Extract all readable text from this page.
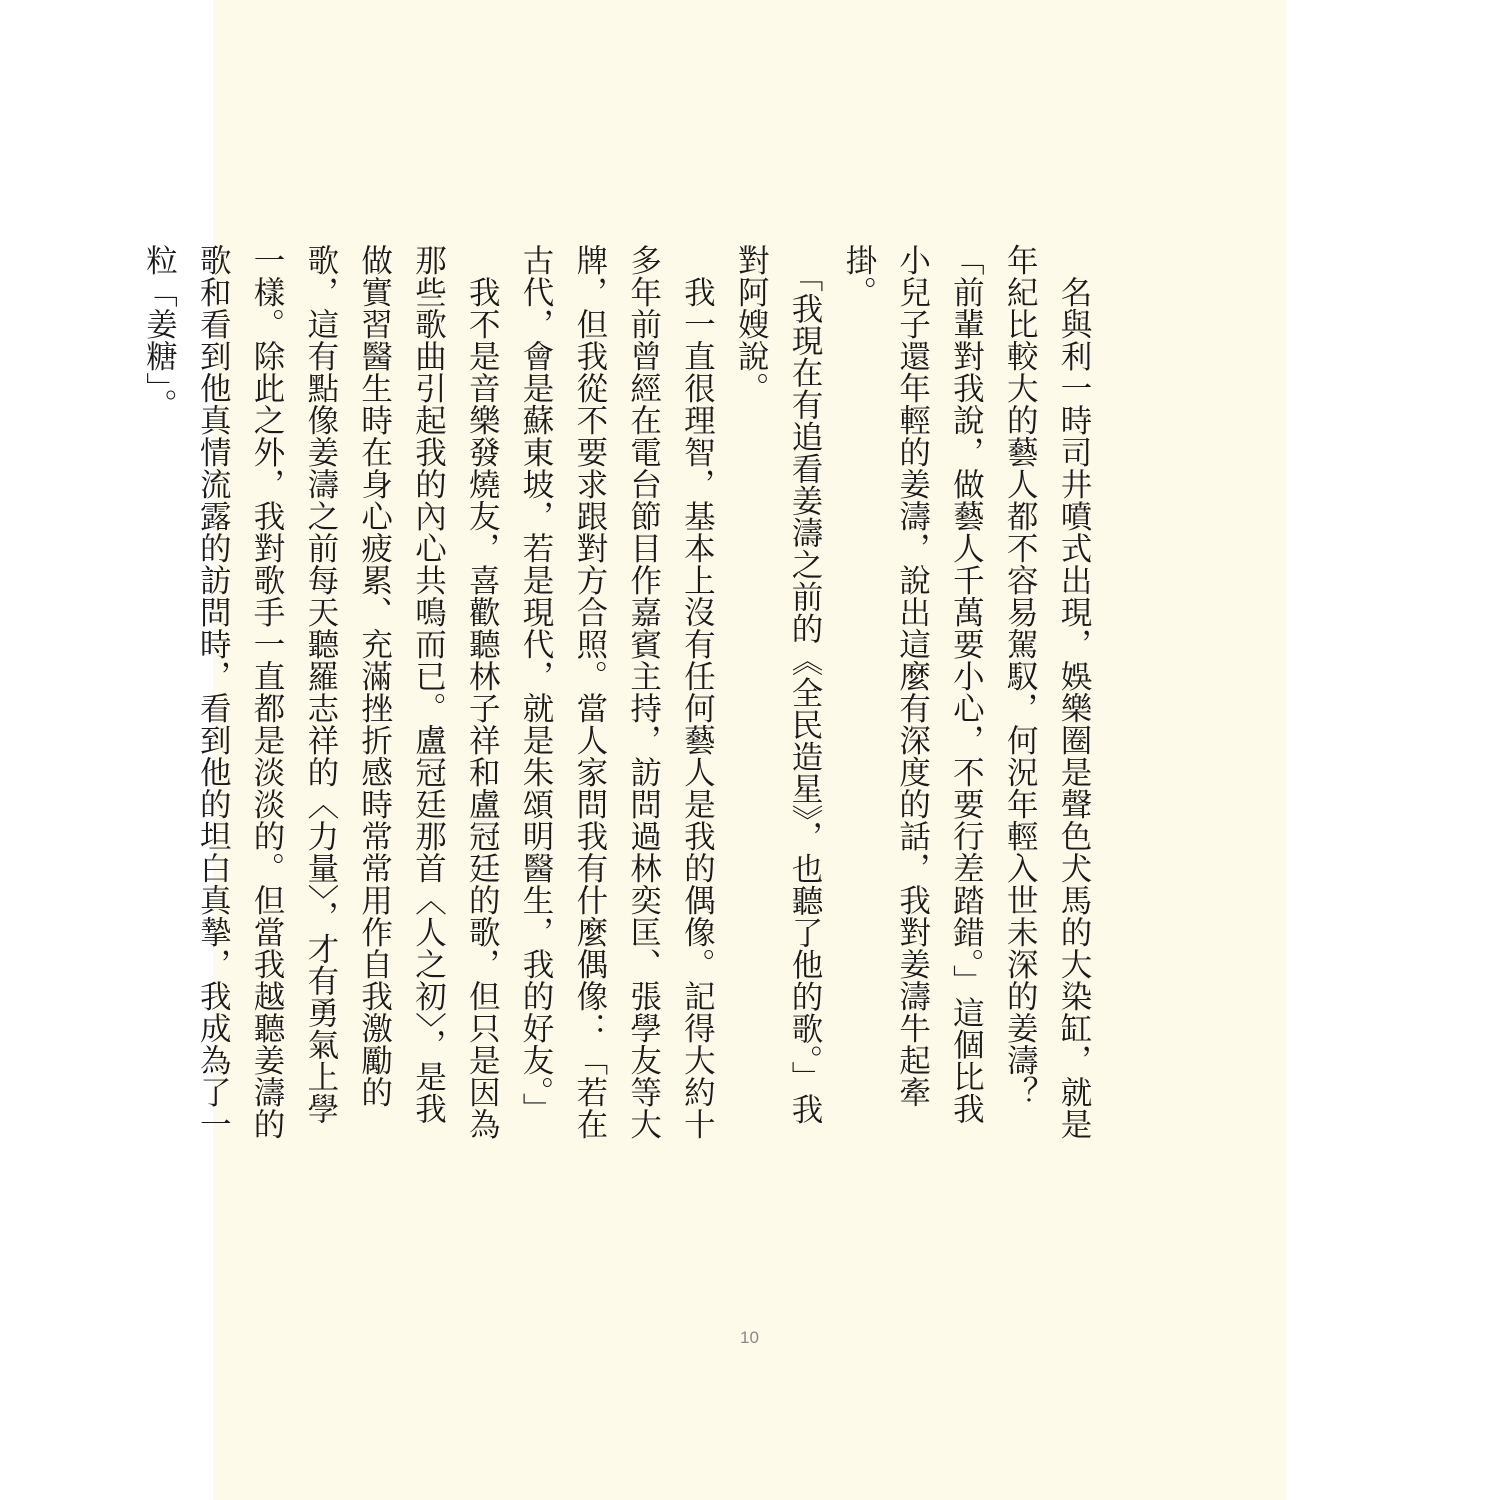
　名與利一時司井噴式出現，娛樂圈是聲色犬馬的大染缸，就是年紀比較大的藝人都不容易駕馭，何況年輕入世未深的姜濤？「前輩對我說，做藝人千萬要小心，不要行差踏錯。」這個比我小兒子還年輕的姜濤，說出這麼有深度的話，我對姜濤牛起牽掛。

　「我現在有追看姜濤之前的《全民造星》，也聽了他的歌。」我對阿嫂說。

　我一直很理智，基本上沒有任何藝人是我的偶像。記得大約十多年前曾經在電台節目作嘉賓主持，訪問過林奕匡、張學友等大牌，但我從不要求跟對方合照。當人家問我有什麼偶像：「若在古代，會是蘇東坡，若是現代，就是朱頌明醫生，我的好友。」

　我不是音樂發燒友，喜歡聽林子祥和盧冠廷的歌，但只是因為那些歌曲引起我的內心共鳴而已。盧冠廷那首〈人之初〉，是我做實習醫生時在身心疲累、充滿挫折感時常常用作自我激勵的歌，這有點像姜濤之前每天聽羅志祥的〈力量〉，才有勇氣上學一樣。除此之外，我對歌手一直都是淡淡的。但當我越聽姜濤的歌和看到他真情流露的訪問時，看到他的坦白真摯，我成為了一粒「姜糖」。

10
